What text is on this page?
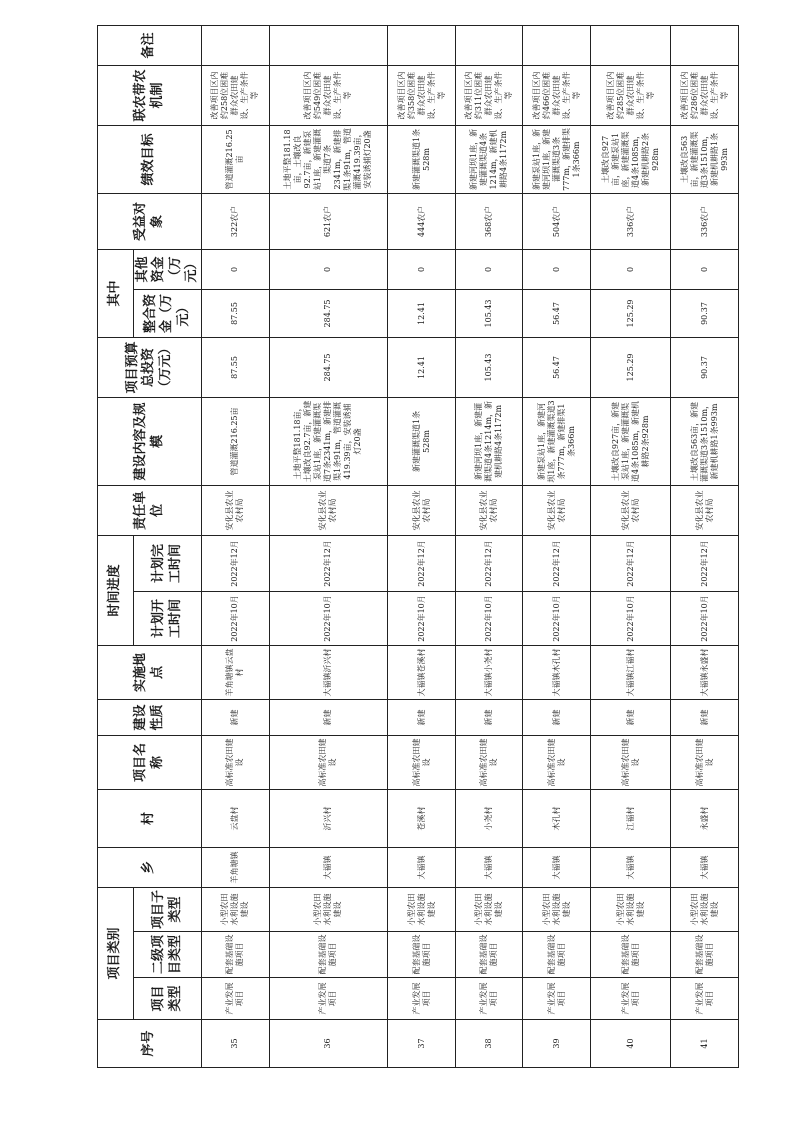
序号	项目类别			乡	村	项目名称	建设性质	实施地点	时间进度		责任单位	建设内容及规模	项目预算总投资（万元）	其中		受益对象	绩效目标	联农带农机制	备注
	项目类型	二级项目类型	项目子类型						计划开工时间	计划完工时间				整合资金（万元）	其他资金（万元）				
35	产业发展项目	配套基础设施项目	小型农田水利设施建设	羊角塘镇	云盘村	高标准农田建设	新建	羊角塘镇云盘村	2022年10月	2022年12月	安化县农业农村局	管道灌溉216.25亩	87.55	87.55	0	322农户	管道灌溉216.25亩	改善项目区内约258位困难群众农田建设、生产条件等	
36	产业发展项目	配套基础设施项目	小型农田水利设施建设	大福镇	沂兴村	高标准农田建设	新建	大福镇沂兴村	2022年10月	2022年12月	安化县农业农村局	土地平整181.18亩，土壤改良92.7亩，新建泵站1座，新建灌溉渠道7条2341m，新建排渠1条91m，管道灌溉419.39亩，安装诱捕灯20盏	284.75	284.75	0	621农户	土地平整181.18亩，土壤改良92.7亩，新建泵站1座，新建灌溉渠道7条2341m，新建排渠1条91m，管道灌溉419.39亩，安装诱捕灯20盏	改善项目区内约549位困难群众农田建设、生产条件等	
37	产业发展项目	配套基础设施项目	小型农田水利设施建设	大福镇	苍溪村	高标准农田建设	新建	大福镇苍溪村	2022年10月	2022年12月	安化县农业农村局	新建灌溉渠道1条528m	12.41	12.41	0	444农户	新建灌溉渠道1条528m	改善项目区内约358位困难群众农田建设、生产条件等	
38	产业发展项目	配套基础设施项目	小型农田水利设施建设	大福镇	小尧村	高标准农田建设	新建	大福镇小尧村	2022年10月	2022年12月	安化县农业农村局	新建河坝1座，新建灌溉渠道4条1214m，新建机耕路4条1172m	105.43	105.43	0	368农户	新建河坝1座，新建灌溉渠道4条1214m，新建机耕路4条1172m	改善项目区内约311位困难群众农田建设、生产条件等	
39	产业发展项目	配套基础设施项目	小型农田水利设施建设	大福镇	木孔村	高标准农田建设	新建	大福镇木孔村	2022年10月	2022年12月	安化县农业农村局	新建泵站1座，新建河坝1座，新建灌溉渠道3条777m，新建排渠1条366m	56.47	56.47	0	504农户	新建泵站1座，新建河坝1座，新建灌溉渠道3条777m，新建排渠1条366m	改善项目区内约466位困难群众农田建设、生产条件等	
40	产业发展项目	配套基础设施项目	小型农田水利设施建设	大福镇	江福村	高标准农田建设	新建	大福镇江福村	2022年10月	2022年12月	安化县农业农村局	土壤改良927亩，新建泵站1座，新建灌溉渠道4条1085m，新建机耕路2条928m	125.29	125.29	0	336农户	土壤改良927亩，新建泵站1座，新建灌溉渠道4条1085m，新建机耕路2条928m	改善项目区内约285位困难群众农田建设、生产条件等	
41	产业发展项目	配套基础设施项目	小型农田水利设施建设	大福镇	永盛村	高标准农田建设	新建	大福镇永盛村	2022年10月	2022年12月	安化县农业农村局	土壤改良563亩，新建灌溉渠道3条1510m，新建机耕路1条993m	90.37	90.37	0	336农户	土壤改良563亩，新建灌溉渠道3条1510m，新建机耕路1条993m	改善项目区内约286位困难群众农田建设、生产条件等	
